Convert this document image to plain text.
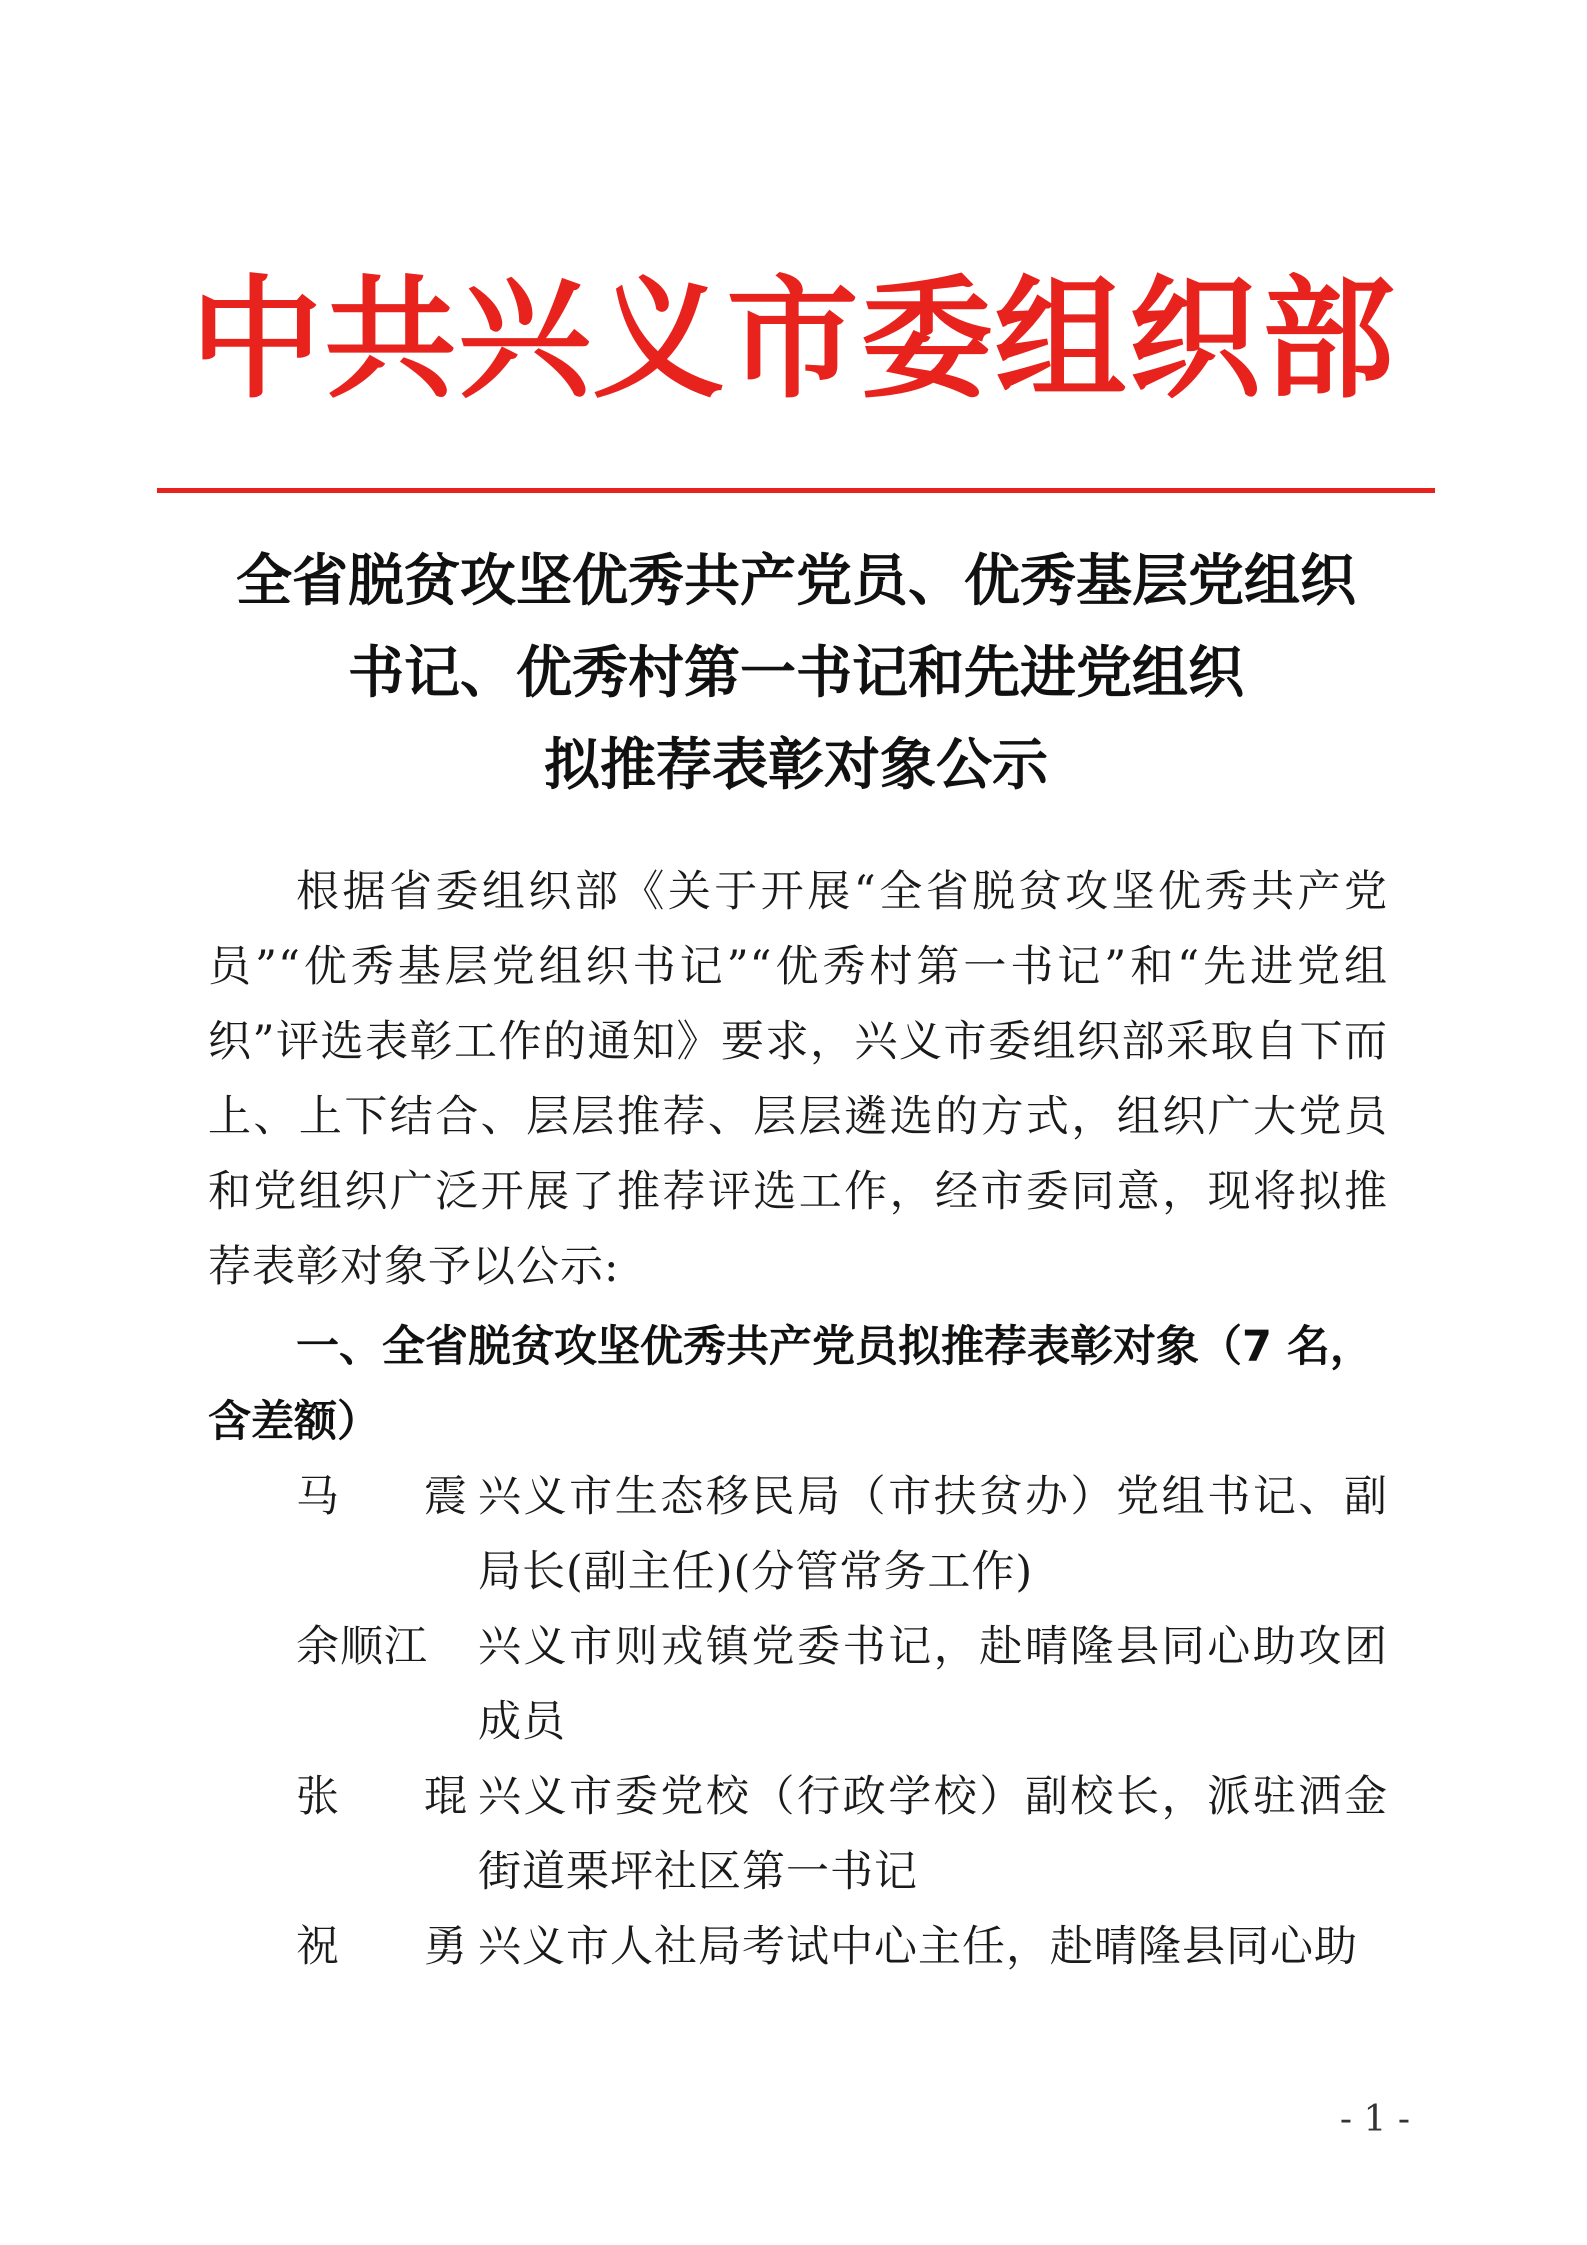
中共兴义市委组织部
全省脱贫攻坚优秀共产党员、优秀基层党组织
书记、优秀村第一书记和先进党组织
拟推荐表彰对象公示

根据省委组织部《关于开展“全省脱贫攻坚优秀共产党员”“优秀基层党组织书记”“优秀村第一书记”和“先进党组织”评选表彰工作的通知》要求，兴义市委组织部采取自下而上、上下结合、层层推荐、层层遴选的方式，组织广大党员和党组织广泛开展了推荐评选工作，经市委同意，现将拟推荐表彰对象予以公示:

一、全省脱贫攻坚优秀共产党员拟推荐表彰对象（7 名，含差额）

马　震 兴义市生态移民局（市扶贫办）党组书记、副局长(副主任)(分管常务工作)
余顺江	兴义市则戎镇党委书记，赴晴隆县同心助攻团成员
张　琨 兴义市委党校（行政学校）副校长，派驻洒金街道栗坪社区第一书记
祝　勇 兴义市人社局考试中心主任，赴晴隆县同心助
- 1 -
